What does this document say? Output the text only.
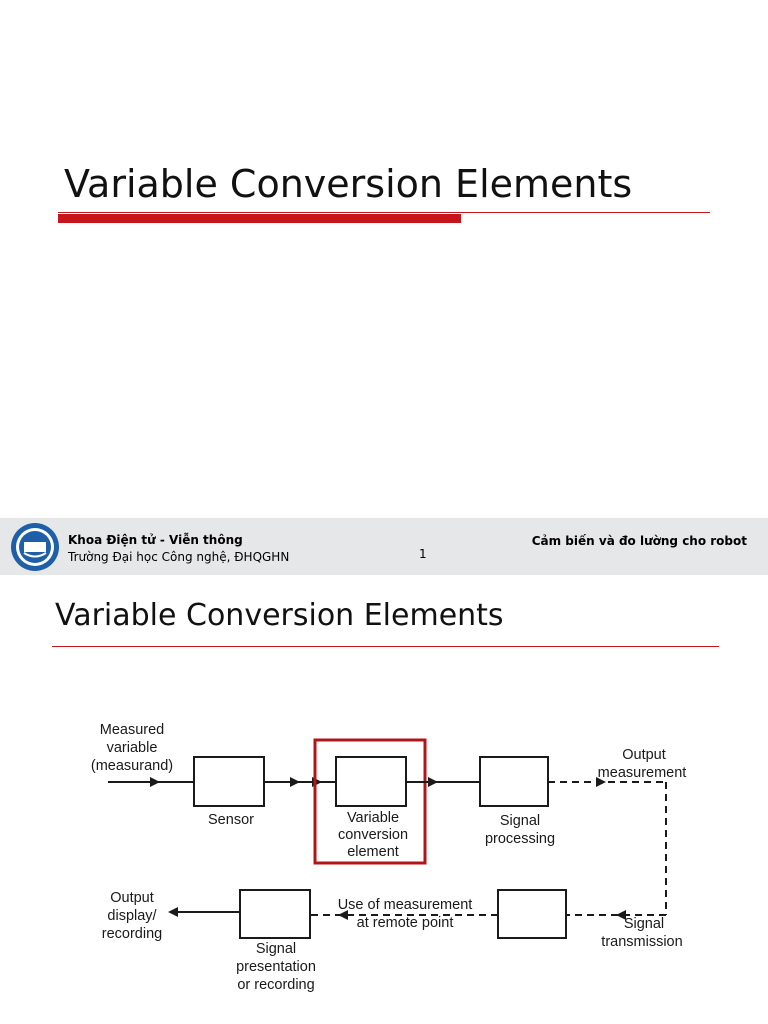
Variable Conversion Elements
Khoa Điện tử - Viễn thông
Trường Đại học Công nghệ, ĐHQGHN	1
Cảm biến và đo lường cho robot
Variable Conversion Elements
Measured
variable
(measurand)
Sensor	Variable
conversion
element
Signal
processing
Output
measurement
Signal
transmission
Use of measurement
at remote point
Signal
presentation
or recording
Output
display/
recording
